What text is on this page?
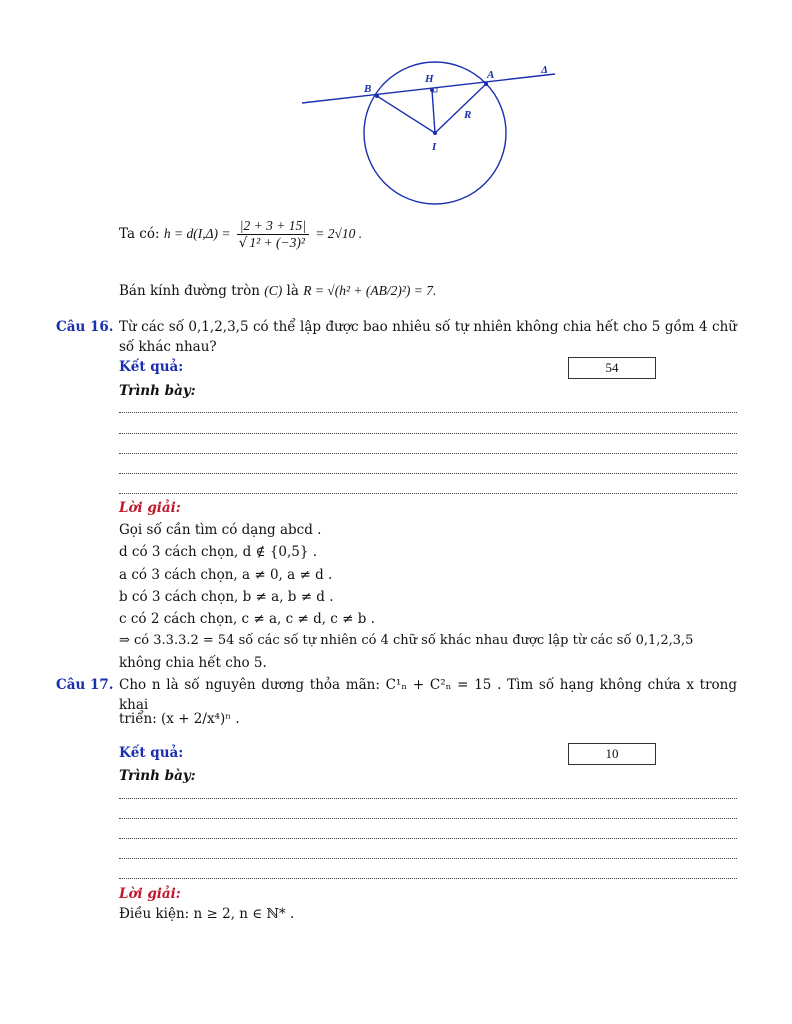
B
H	A	Δ
R
I
Ta có: $h = d(I,\Delta) = \frac{|2 + 3 + 15|}{\text{√ 1² + (−3)²}} = 2√10$ .
Bán kính đường tròn (C) là R = √(h² + (AB/2)²) = 7.
Câu 16. Từ các số 0,1,2,3,5 có thể lập được bao nhiêu số tự nhiên không chia hết cho 5 gồm 4 chữ số khác nhau?
Kết quả:	54
Trình bày:
Lời giải:
Gọi số cần tìm có dạng abcd .
d có 3 cách chọn, d ∉ {0,5} .
a có 3 cách chọn, a ≠ 0, a ≠ d .
b có 3 cách chọn, b ≠ a, b ≠ d .
c có 2 cách chọn, c ≠ a, c ≠ d, c ≠ b .
⇒ có 3.3.3.2 = 54 số các số tự nhiên có 4 chữ số khác nhau được lập từ các số 0,1,2,3,5
không chia hết cho 5.
Câu 17. Cho n là số nguyên dương thỏa mãn: C¹ₙ + C²ₙ = 15 . Tìm số hạng không chứa x trong khai
triển: (x + 2/x⁴)ⁿ .
Kết quả:	10
Trình bày:
Lời giải:
Điều kiện: n ≥ 2, n ∈ ℕ* .
